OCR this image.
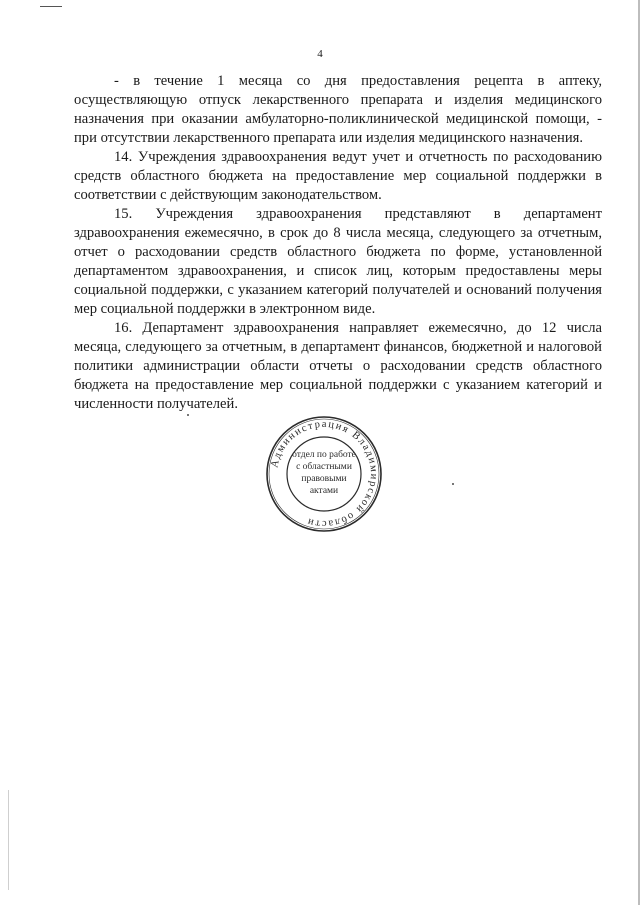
4

- в течение 1 месяца со дня предоставления рецепта в аптеку, осуществляющую отпуск лекарственного препарата и изделия медицинского назначения при оказании амбулаторно-поликлинической медицинской помощи, - при отсутствии лекарственного препарата или изделия медицинского назначения.

14. Учреждения здравоохранения ведут учет и отчетность по расходованию средств областного бюджета на предоставление мер социальной поддержки в соответствии с действующим законодательством.

15. Учреждения здравоохранения представляют в департамент здравоохранения ежемесячно, в срок до 8 числа месяца, следующего за отчетным, отчет о расходовании средств областного бюджета по форме, установленной департаментом здравоохранения, и список лиц, которым предоставлены меры социальной поддержки, с указанием категорий получателей и оснований получения мер социальной поддержки в электронном виде.

16. Департамент здравоохранения направляет ежемесячно, до 12 числа месяца, следующего за отчетным, в департамент финансов, бюджетной и налоговой политики администрации области отчеты о расходовании средств областного бюджета на предоставление мер социальной поддержки с указанием категорий и численности получателей.

Администрация Владимирской области
отдел по работе
с областными
правовыми
актами
